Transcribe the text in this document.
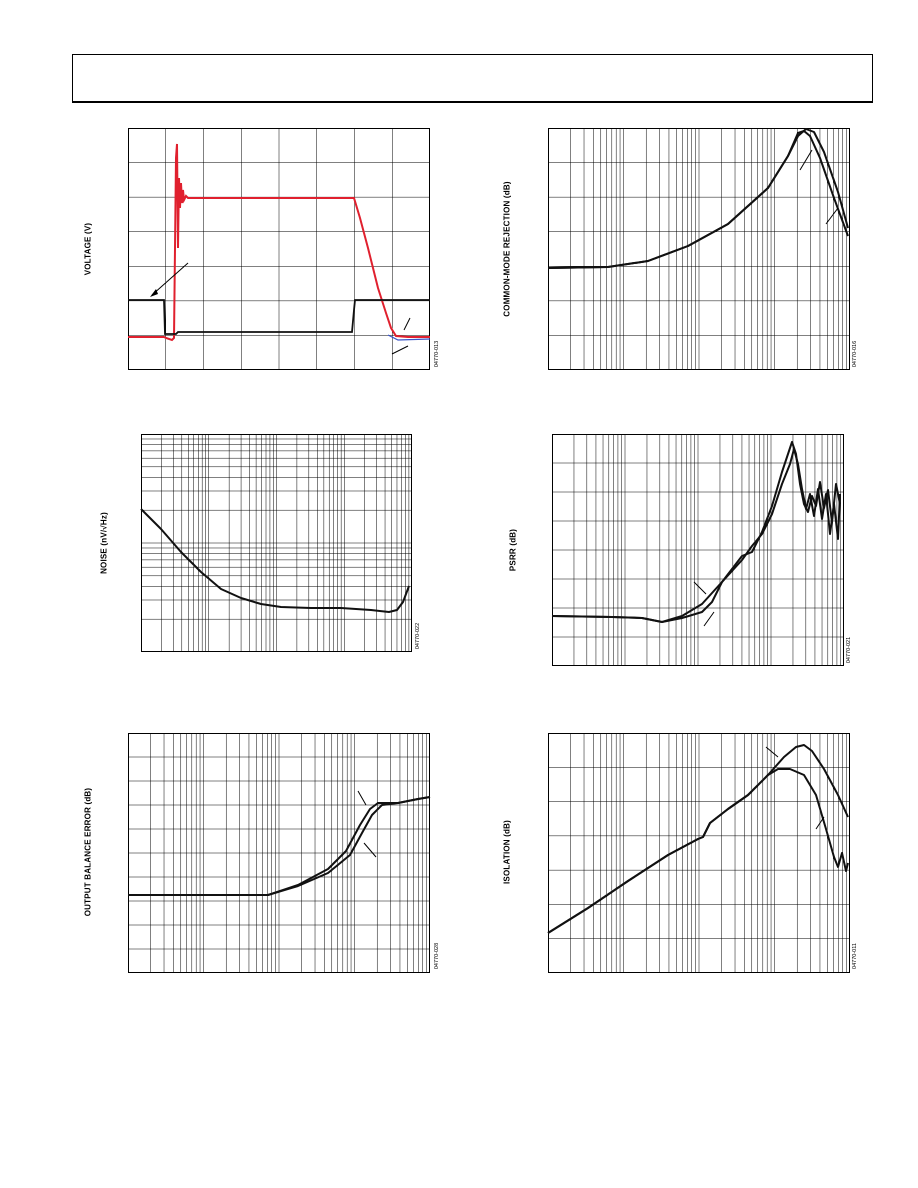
VOLTAGE (V)
04770-013
COMMON-MODE REJECTION (dB)
04770-016
NOISE (nV/√Hz)
04770-022
PSRR (dB)
04770-021
OUTPUT BALANCE ERROR (dB)
04770-028
ISOLATION (dB)
04770-011
